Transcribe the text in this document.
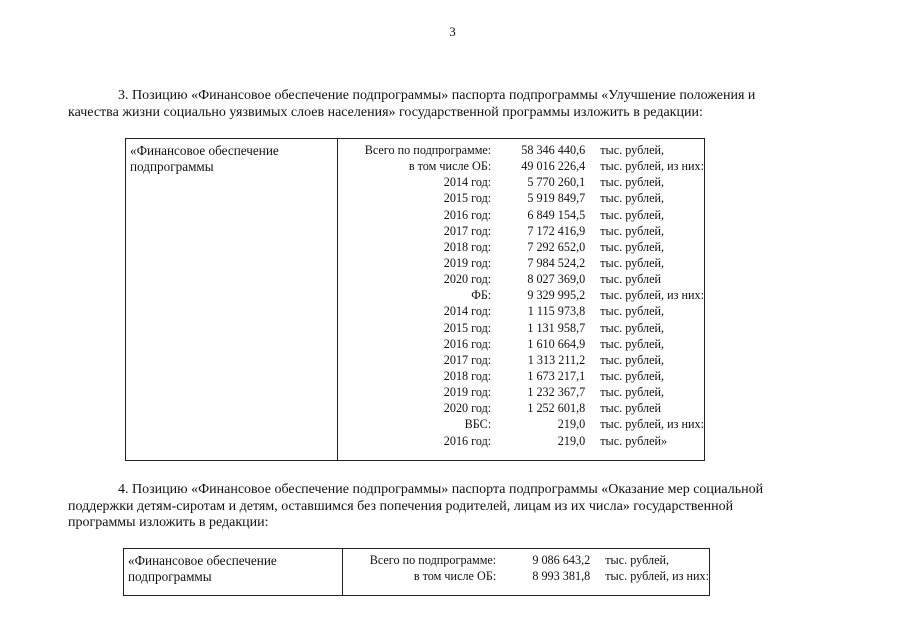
3
3. Позицию «Финансовое обеспечение подпрограммы» паспорта подпрограммы «Улучшение положения и
качества жизни социально уязвимых слоев населения» государственной программы изложить в редакции:
«Финансовое обеспечение подпрограммы	
Всего по подпрограмме:	58 346 440,6	тыс. рублей,
в том числе ОБ:	49 016 226,4	тыс. рублей, из них:
2014 год:	5 770 260,1	тыс. рублей,
2015 год:	5 919 849,7	тыс. рублей,
2016 год:	6 849 154,5	тыс. рублей,
2017 год:	7 172 416,9	тыс. рублей,
2018 год:	7 292 652,0	тыс. рублей,
2019 год:	7 984 524,2	тыс. рублей,
2020 год:	8 027 369,0	тыс. рублей
ФБ:	9 329 995,2	тыс. рублей, из них:
2014 год:	1 115 973,8	тыс. рублей,
2015 год:	1 131 958,7	тыс. рублей,
2016 год:	1 610 664,9	тыс. рублей,
2017 год:	1 313 211,2	тыс. рублей,
2018 год:	1 673 217,1	тыс. рублей,
2019 год:	1 232 367,7	тыс. рублей,
2020 год:	1 252 601,8	тыс. рублей
ВБС:	219,0	тыс. рублей, из них:
2016 год:	219,0	тыс. рублей»
4. Позицию «Финансовое обеспечение подпрограммы» паспорта подпрограммы «Оказание мер социальной
поддержки детям-сиротам и детям, оставшимся без попечения родителей, лицам из их числа» государственной
программы изложить в редакции:
«Финансовое обеспечение подпрограммы	
Всего по подпрограмме:	9 086 643,2	тыс. рублей,
в том числе ОБ:	8 993 381,8	тыс. рублей, из них:
